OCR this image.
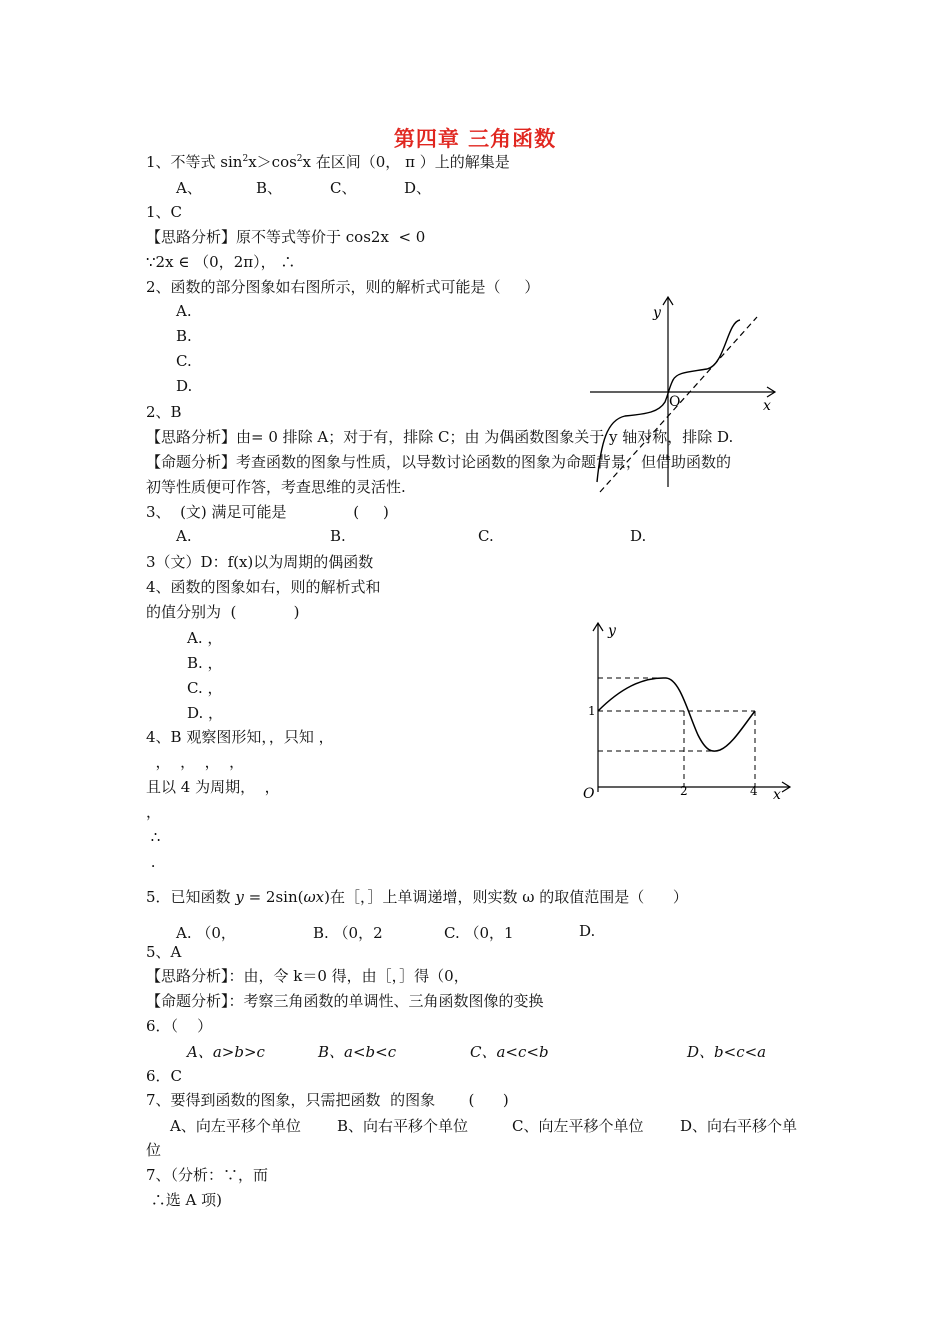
第四章 三角函数
1、不等式 $\sin^2x>\cos^2x$ 在区间（0， π ）上的解集是
A、	B、	C、	D、
1、C
【思路分析】原不等式等价于 cos2x  < 0
∵2x ∈ （0，2π）， ∴
2、函数的部分图象如右图所示，则的解析式可能是（     ）
A.
B.
C.
D.
y
x
O
2、B
【思路分析】由= 0 排除 A；对于有，排除 C；由 为偶函数图象关于 y 轴对称，排除 D.
【命题分析】考查函数的图象与性质，以导数讨论函数的图象为命题背景，但借助函数的
初等性质便可作答，考查思维的灵活性.
3、  (文) 满足可能是              (     )
A.	B.	C.	D.
3（文）D：f(x)以为周期的偶函数
4、函数的图象如右，则的解析式和
的值分别为  (            )
A. ，
B. ，
C. ，
D. ，
y
x
O
1
2	4
4、B 观察图形知，，只知 ，
，  ，  ，  ，
且以 4 为周期，  ，
，
∴
.
5．已知函数 y = 2sin(ωx)在［，］上单调递增，则实数 ω 的取值范围是（      ）
A. （0，	B. （0，2	C. （0，1	D.
5、A
【思路分析】：由，令 k＝0 得，由［，］得（0，
【命题分析】：考察三角函数的单调性、三角函数图像的变换
6．（    ）
A、a>b>c	B、a<b<c	C、a<c<b	D、b<c<a
6．C
7、要得到函数的图象，只需把函数  的图象       (      )
A、向左平移个单位 B、向右平移个单位	C、向左平移个单位 D、向右平移个单
位
7、（分析：∵，而
∴选 A 项)
